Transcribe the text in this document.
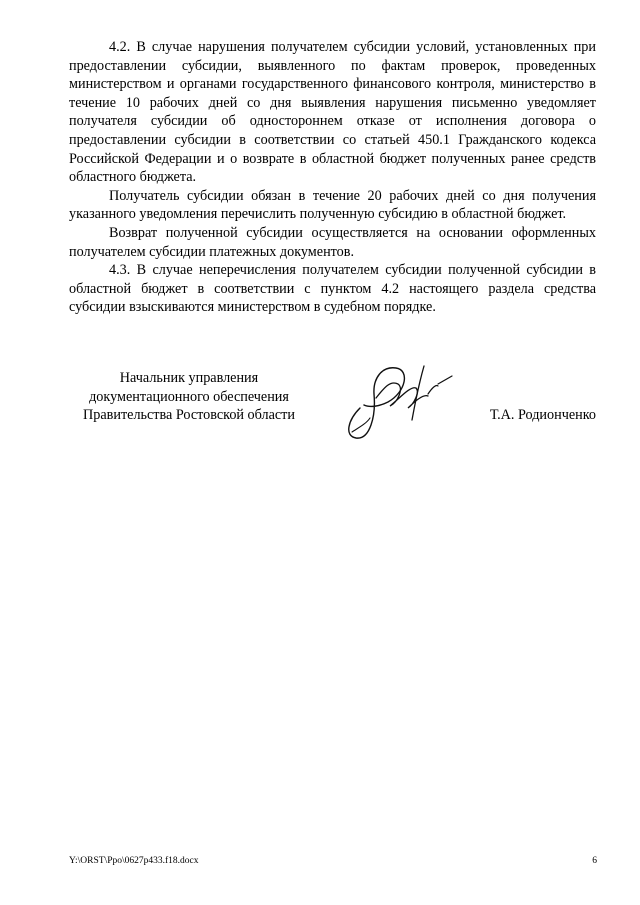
4.2. В случае нарушения получателем субсидии условий, установленных при предоставлении субсидии, выявленного по фактам проверок, проведенных министерством и органами государственного финансового контроля, министерство в течение 10 рабочих дней со дня выявления нарушения письменно уведомляет получателя субсидии об одностороннем отказе от исполнения договора о предоставлении субсидии в соответствии со статьей 450.1 Гражданского кодекса Российской Федерации и о возврате в областной бюджет полученных ранее средств областного бюджета.

Получатель субсидии обязан в течение 20 рабочих дней со дня получения указанного уведомления перечислить полученную субсидию в областной бюджет.

Возврат полученной субсидии осуществляется на основании оформленных получателем субсидии платежных документов.

4.3. В случае неперечисления получателем субсидии полученной субсидии в областной бюджет в соответствии с пунктом 4.2 настоящего раздела средства субсидии взыскиваются министерством в судебном порядке.

Начальник управления
документационного обеспечения
Правительства Ростовской области	Т.А. Родионченко
Y:\ORST\Ppo\0627p433.f18.docx	6
